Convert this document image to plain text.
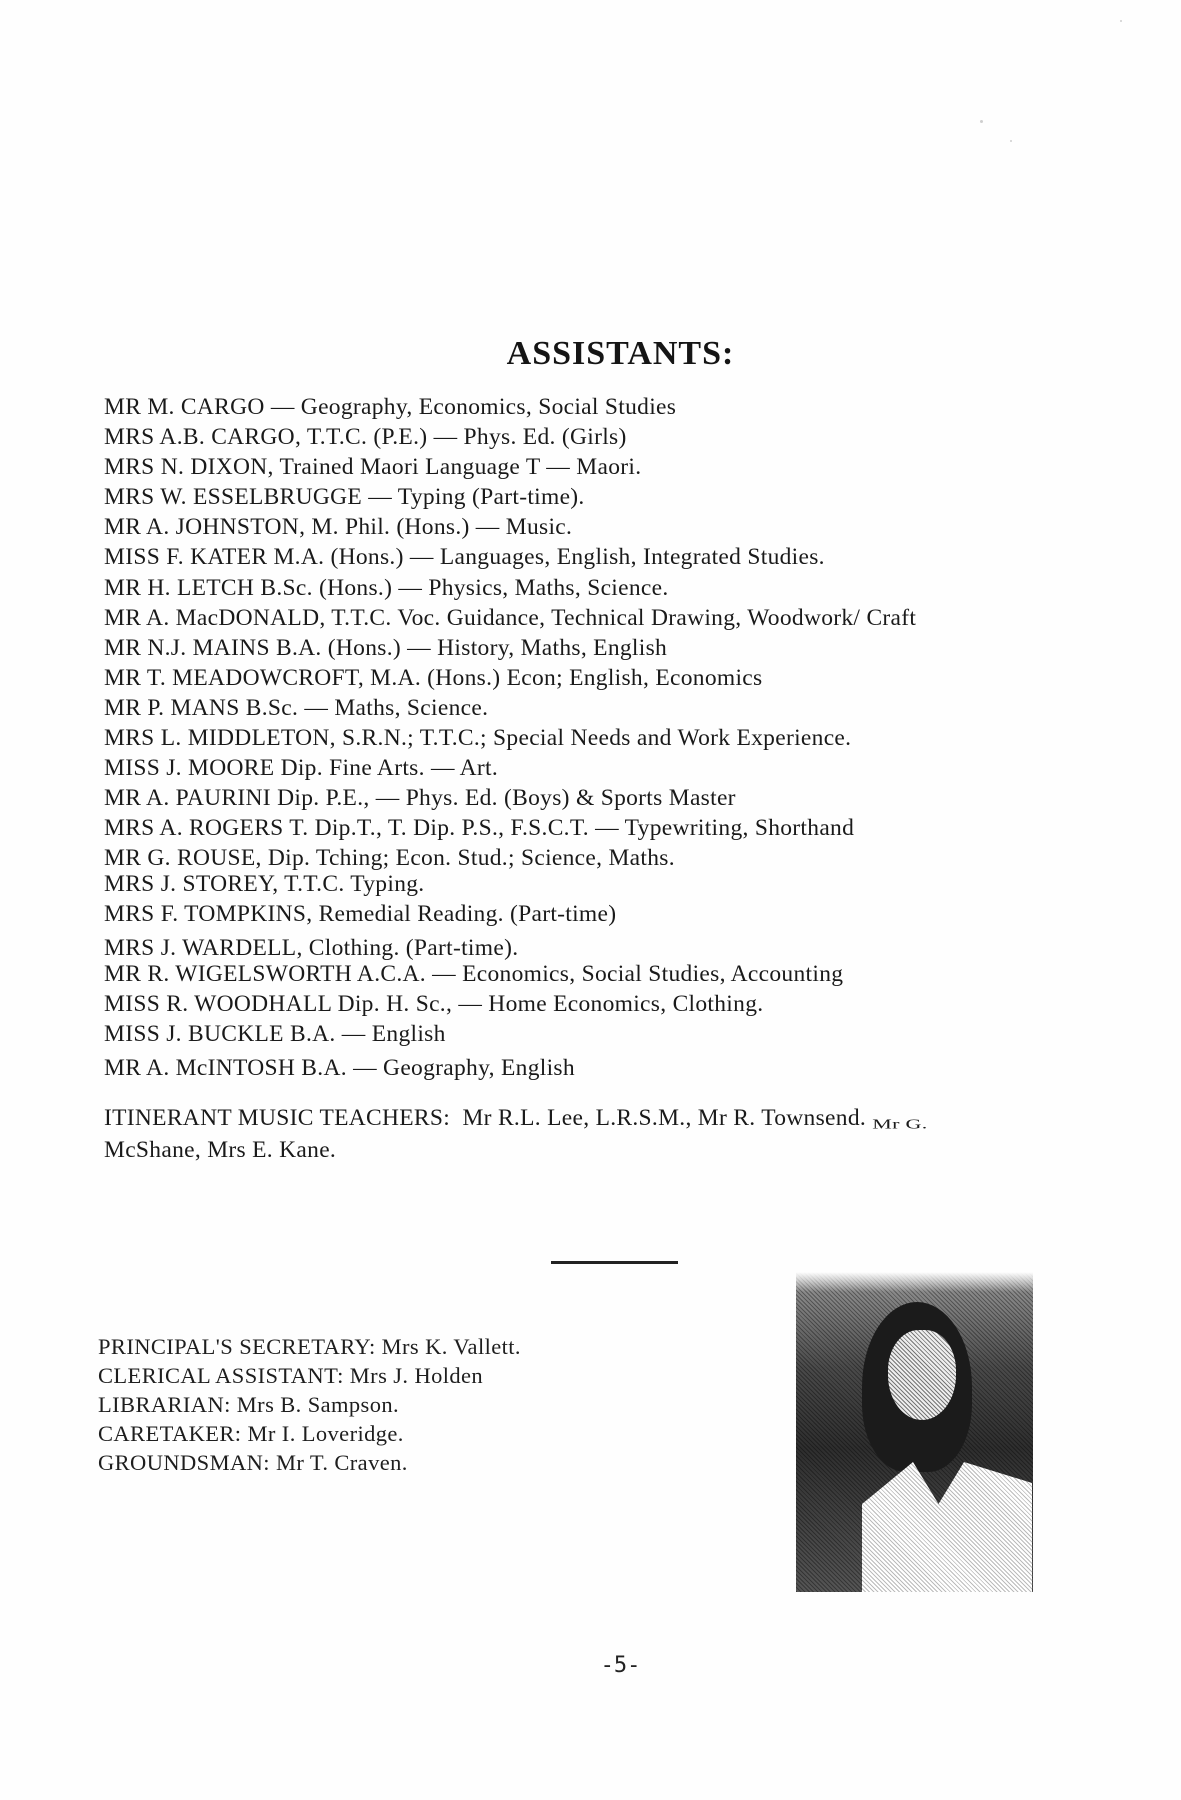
ASSISTANTS:
MR M. CARGO — Geography, Economics, Social Studies
MRS A.B. CARGO, T.T.C. (P.E.) — Phys. Ed. (Girls)
MRS N. DIXON, Trained Maori Language T — Maori.
MRS W. ESSELBRUGGE — Typing (Part-time).
MR A. JOHNSTON, M. Phil. (Hons.) — Music.
MISS F. KATER M.A. (Hons.) — Languages, English, Integrated Studies.
MR H. LETCH B.Sc. (Hons.) — Physics, Maths, Science.
MR A. MacDONALD, T.T.C. Voc. Guidance, Technical Drawing, Woodwork/ Craft
MR N.J. MAINS B.A. (Hons.) — History, Maths, English
MR T. MEADOWCROFT, M.A. (Hons.) Econ; English, Economics
MR P. MANS B.Sc. — Maths, Science.
MRS L. MIDDLETON, S.R.N.; T.T.C.; Special Needs and Work Experience.
MISS J. MOORE Dip. Fine Arts. — Art.
MR A. PAURINI Dip. P.E., — Phys. Ed. (Boys) & Sports Master
MRS A. ROGERS T. Dip.T., T. Dip. P.S., F.S.C.T. — Typewriting, Shorthand
MR G. ROUSE, Dip. Tching; Econ. Stud.; Science, Maths.
MRS J. STOREY, T.T.C. Typing.
MRS F. TOMPKINS, Remedial Reading. (Part-time)
MRS J. WARDELL, Clothing. (Part-time).
MR R. WIGELSWORTH A.C.A. — Economics, Social Studies, Accounting
MISS R. WOODHALL Dip. H. Sc., — Home Economics, Clothing.
MISS J. BUCKLE B.A. — English
MR A. McINTOSH B.A. — Geography, English
ITINERANT MUSIC TEACHERS: Mr R.L. Lee, L.R.S.M., Mr R. Townsend. Mr G.
McShane, Mrs E. Kane.
PRINCIPAL'S SECRETARY: Mrs K. Vallett.
CLERICAL ASSISTANT: Mrs J. Holden
LIBRARIAN: Mrs B. Sampson.
CARETAKER: Mr I. Loveridge.
GROUNDSMAN: Mr T. Craven.
-5-
